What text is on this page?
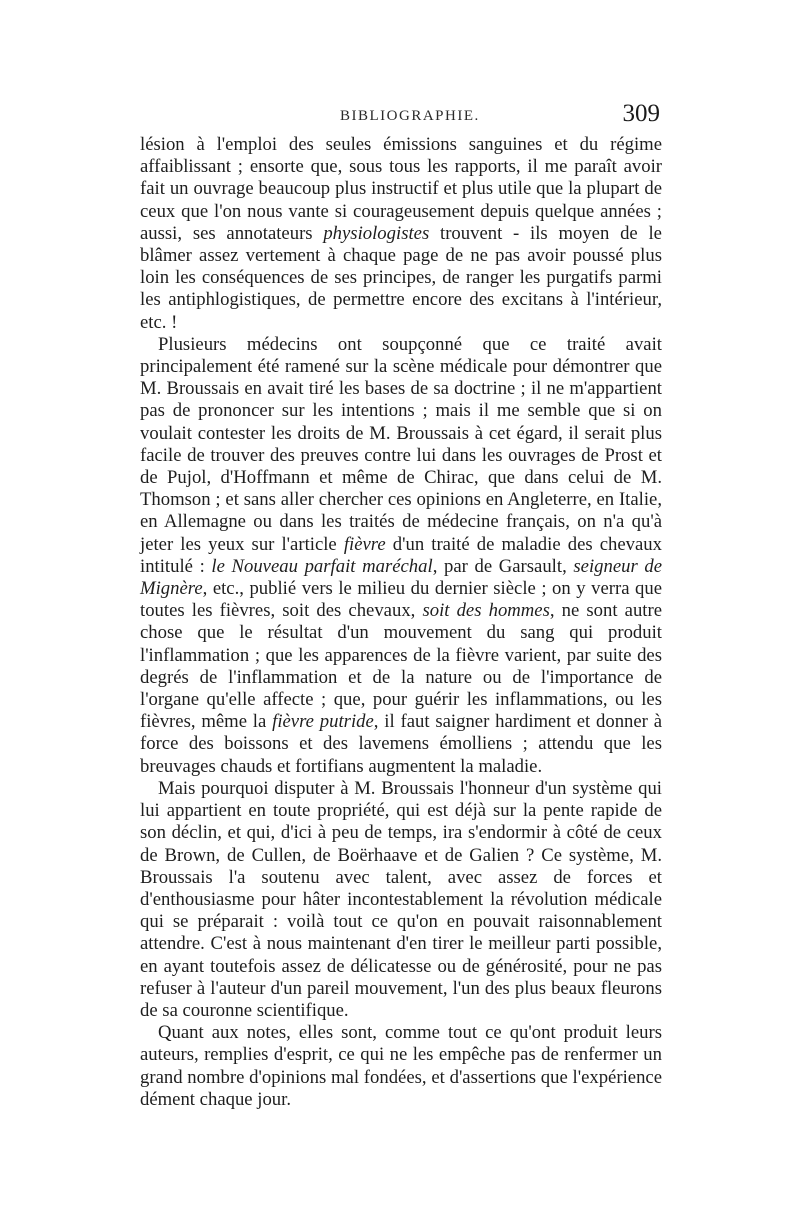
BIBLIOGRAPHIE.	309

lésion à l'emploi des seules émissions sanguines et du régime affaiblissant ; ensorte que, sous tous les rapports, il me paraît avoir fait un ouvrage beaucoup plus instructif et plus utile que la plupart de ceux que l'on nous vante si courageusement depuis quelque années ; aussi, ses annotateurs physiologistes trouvent - ils moyen de le blâmer assez vertement à chaque page de ne pas avoir poussé plus loin les conséquences de ses principes, de ranger les purgatifs parmi les antiphlogistiques, de permettre encore des excitans à l'intérieur, etc. !

Plusieurs médecins ont soupçonné que ce traité avait principalement été ramené sur la scène médicale pour démontrer que M. Broussais en avait tiré les bases de sa doctrine ; il ne m'appartient pas de prononcer sur les intentions ; mais il me semble que si on voulait contester les droits de M. Broussais à cet égard, il serait plus facile de trouver des preuves contre lui dans les ouvrages de Prost et de Pujol, d'Hoffmann et même de Chirac, que dans celui de M. Thomson ; et sans aller chercher ces opinions en Angleterre, en Italie, en Allemagne ou dans les traités de médecine français, on n'a qu'à jeter les yeux sur l'article fièvre d'un traité de maladie des chevaux intitulé : le Nouveau parfait maréchal, par de Garsault, seigneur de Mignère, etc., publié vers le milieu du dernier siècle ; on y verra que toutes les fièvres, soit des chevaux, soit des hommes, ne sont autre chose que le résultat d'un mouvement du sang qui produit l'inflammation ; que les apparences de la fièvre varient, par suite des degrés de l'inflammation et de la nature ou de l'importance de l'organe qu'elle affecte ; que, pour guérir les inflammations, ou les fièvres, même la fièvre putride, il faut saigner hardiment et donner à force des boissons et des lavemens émolliens ; attendu que les breuvages chauds et fortifians augmentent la maladie.

Mais pourquoi disputer à M. Broussais l'honneur d'un système qui lui appartient en toute propriété, qui est déjà sur la pente rapide de son déclin, et qui, d'ici à peu de temps, ira s'endormir à côté de ceux de Brown, de Cullen, de Boërhaave et de Galien ? Ce système, M. Broussais l'a soutenu avec talent, avec assez de forces et d'enthousiasme pour hâter incontestablement la révolution médicale qui se préparait : voilà tout ce qu'on en pouvait raisonnablement attendre. C'est à nous maintenant d'en tirer le meilleur parti possible, en ayant toutefois assez de délicatesse ou de générosité, pour ne pas refuser à l'auteur d'un pareil mouvement, l'un des plus beaux fleurons de sa couronne scientifique.

Quant aux notes, elles sont, comme tout ce qu'ont produit leurs auteurs, remplies d'esprit, ce qui ne les empêche pas de renfermer un grand nombre d'opinions mal fondées, et d'assertions que l'expérience dément chaque jour.
